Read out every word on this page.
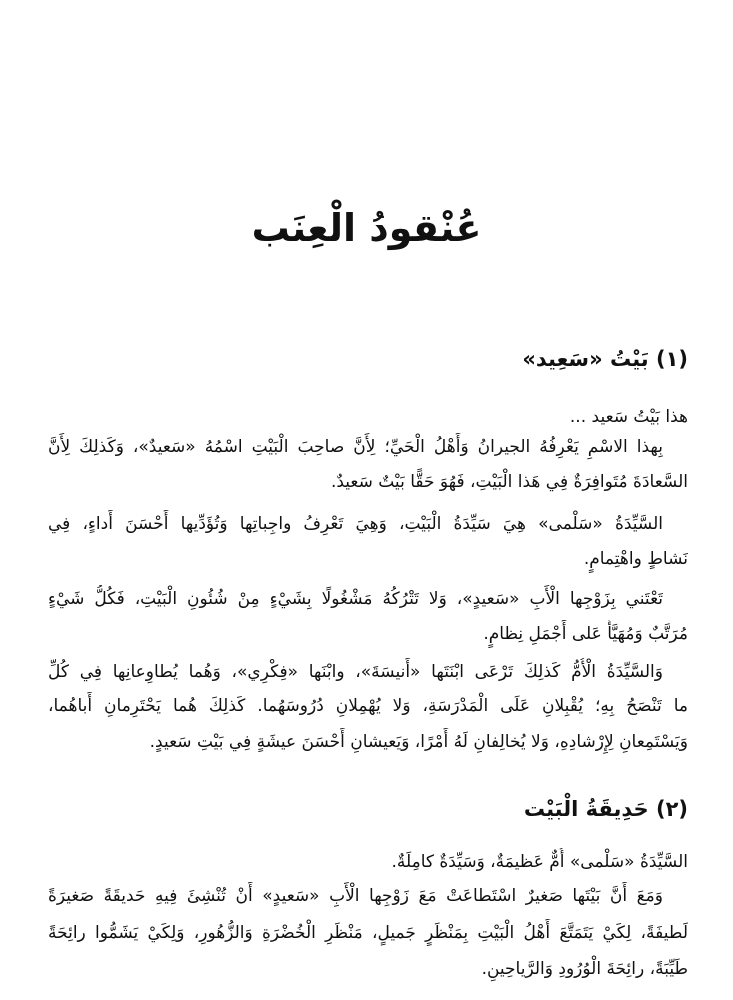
عُنْقودُ الْعِنَب
(١) بَيْتُ «سَعِيد»
هذا بَيْتُ سَعيد ...
بِهذا الاسْمِ يَعْرِفُهُ الجيرانُ وَأَهْلُ الْحَيِّ؛ لِأَنَّ صاحِبَ الْبَيْتِ اسْمُهُ «سَعيدٌ»، وَكَذلِكَ لِأَنَّ
السَّعادَةَ مُتَوافِرَةٌ فِي هَذا الْبَيْتِ، فَهُوَ حَقًّا بَيْتٌ سَعيدٌ.
السَّيِّدَةُ «سَلْمى» هِيَ سَيِّدَةُ الْبَيْتِ، وَهِيَ تَعْرِفُ واجِباتِها وَتُؤَدِّيها أَحْسَنَ أَداءٍ، فِي
نَشاطٍ واهْتِمامٍ.
تَعْتَني بِزَوْجِها الْأَبِ «سَعيدٍ»، وَلا تَتْرُكُهُ مَشْغُولًا بِشَيْءٍ مِنْ شُئُونِ الْبَيْتِ، فَكُلُّ شَيْءٍ
مُرَتَّبٌ وَمُهَيَّأٌ عَلى أَجْمَلِ نِظامٍ.
وَالسَّيِّدَةُ الْأُمُّ كَذلِكَ تَرْعَى ابْنَتَها «أَنيسَةَ»، وابْنَها «فِكْرِي»، وَهُما يُطاوِعانِها فِي كُلِّ
ما تَنْصَحُ بِهِ؛ يُقْبِلانِ عَلَى الْمَدْرَسَةِ، وَلا يُهْمِلانِ دُرُوسَهُما. كَذلِكَ هُما يَحْتَرِمانِ أَباهُما،
وَيَسْتَمِعانِ لِإِرْشادِهِ، وَلا يُخالِفانِ لَهُ أَمْرًا، وَيَعيشانِ أَحْسَنَ عيشَةٍ فِي بَيْتِ سَعيدٍ.
(٢) حَدِيقَةُ الْبَيْت
السَّيِّدَةُ «سَلْمى» أُمٌّ عَظيمَةٌ، وَسَيِّدَةٌ كامِلَةٌ.
وَمَعَ أَنَّ بَيْتَها صَغيرٌ اسْتَطاعَتْ مَعَ زَوْجِها الْأَبِ «سَعيدٍ» أَنْ تُنْشِئَ فِيهِ حَديقَةً صَغيرَةً
لَطيفَةً، لِكَيْ يَتَمَتَّعَ أَهْلُ الْبَيْتِ بِمَنْظَرٍ جَميلٍ، مَنْظَرِ الْخُضْرَةِ وَالزُّهُورِ، وَلِكَيْ يَشَمُّوا رائِحَةً
طَيِّبَةً، رائِحَةَ الْوُرُودِ وَالرَّياحِينِ.
